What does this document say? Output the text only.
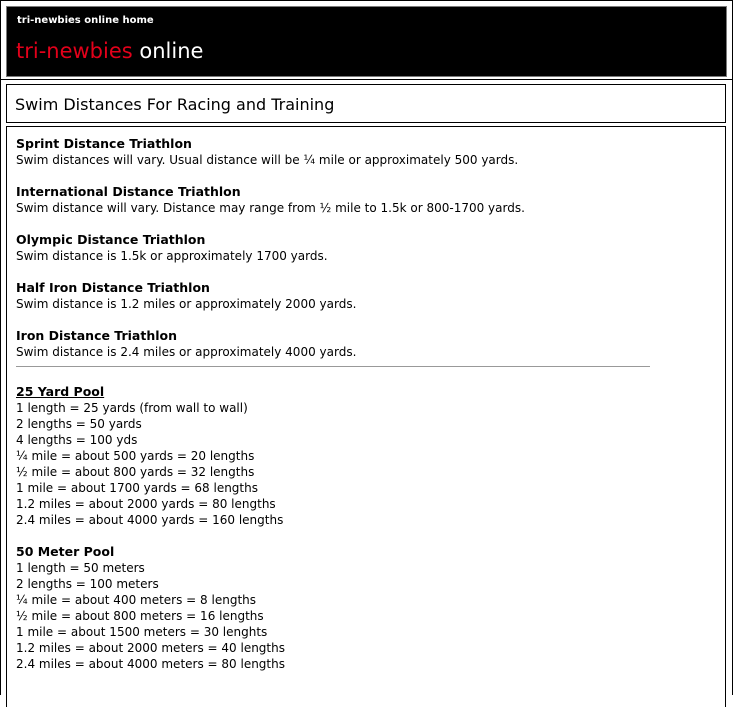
tri-newbies online home
tri-newbies online
Swim Distances For Racing and Training
Sprint Distance Triathlon
Swim distances will vary. Usual distance will be ¼ mile or approximately 500 yards.
International Distance Triathlon
Swim distance will vary. Distance may range from ½ mile to 1.5k or 800-1700 yards.
Olympic Distance Triathlon
Swim distance is 1.5k or approximately 1700 yards.
Half Iron Distance Triathlon
Swim distance is 1.2 miles or approximately 2000 yards.
Iron Distance Triathlon
Swim distance is 2.4 miles or approximately 4000 yards.
25 Yard Pool
1 length = 25 yards (from wall to wall)
2 lengths = 50 yards
4 lengths = 100 yds
¼ mile = about 500 yards = 20 lengths
½ mile = about 800 yards = 32 lengths
1 mile = about 1700 yards = 68 lengths
1.2 miles = about 2000 yards = 80 lengths
2.4 miles = about 4000 yards = 160 lengths
50 Meter Pool
1 length = 50 meters
2 lengths = 100 meters
¼ mile = about 400 meters = 8 lengths
½ mile = about 800 meters = 16 lengths
1 mile = about 1500 meters = 30 lenghts
1.2 miles = about 2000 meters = 40 lengths
2.4 miles = about 4000 meters = 80 lengths
